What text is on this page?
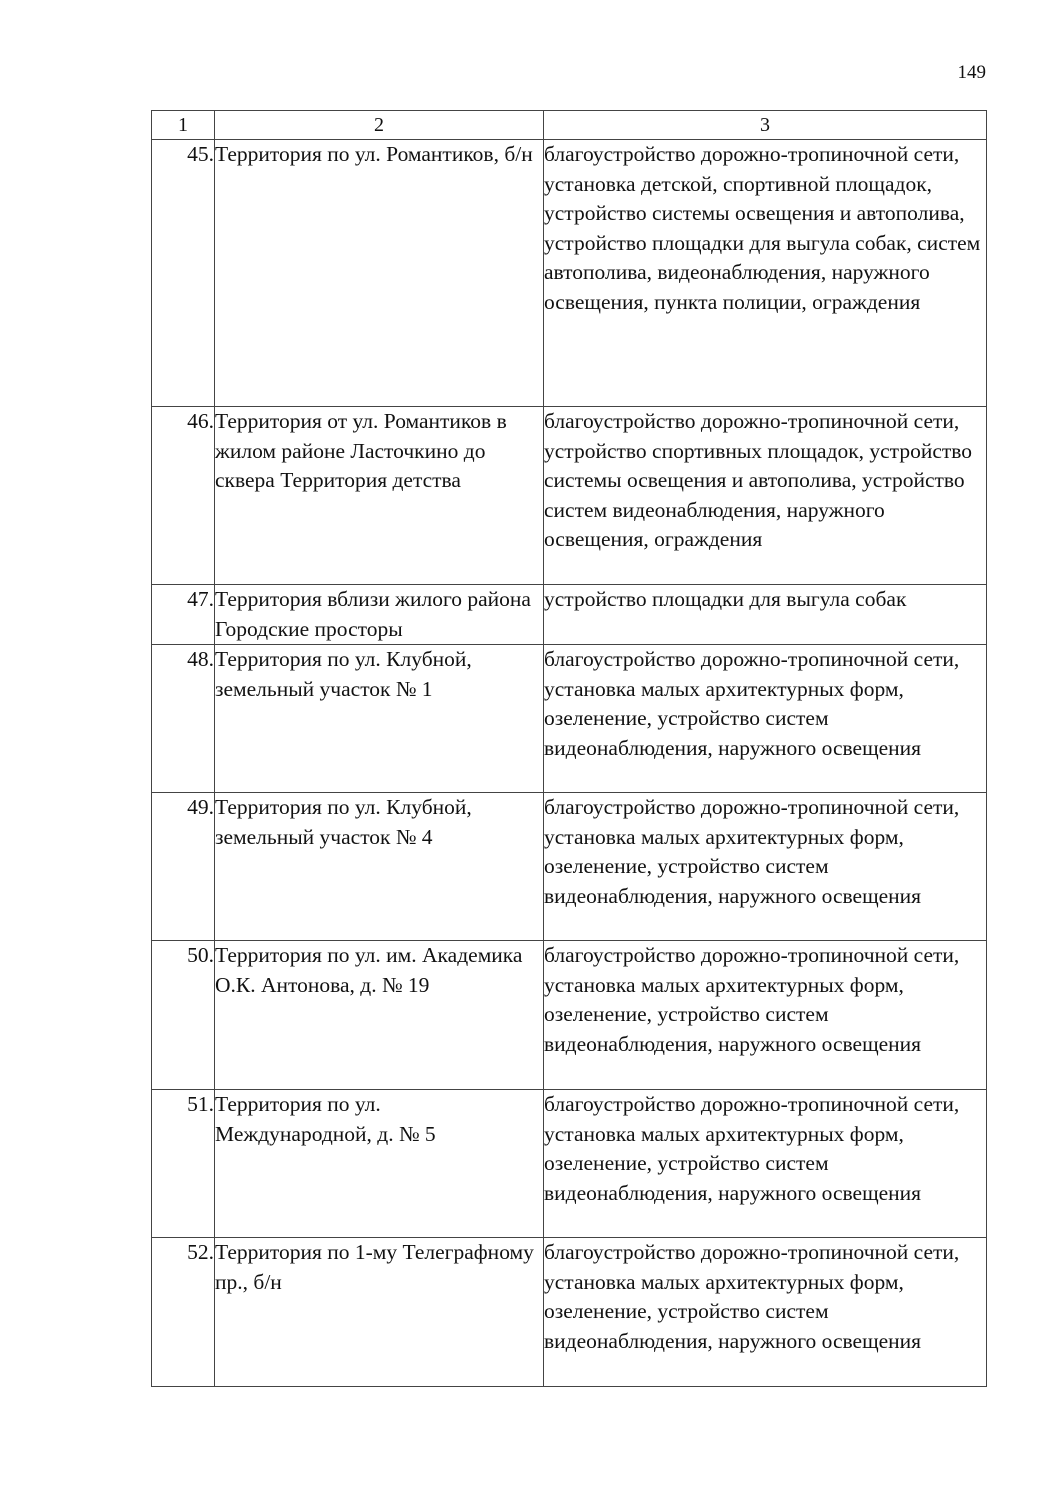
149
1	2	3
45.	Территория по ул. Романтиков, б/н	благоустройство дорожно-тропиночной сети, установка детской, спортивной площадок, устройство системы освещения и автополива, устройство площадки для выгула собак, систем автополива, видеонаблюдения, наружного освещения, пункта полиции, ограждения
46.	Территория от ул. Романтиков в жилом районе Ласточкино до сквера Территория детства	благоустройство дорожно-тропиночной сети, устройство спортивных площадок, устройство системы освещения и автополива, устройство систем видеонаблюдения, наружного освещения, ограждения
47.	Территория вблизи жилого района Городские просторы	устройство площадки для выгула собак
48.	Территория по ул. Клубной, земельный участок № 1	благоустройство дорожно-тропиночной сети, установка малых архитектурных форм, озеленение, устройство систем видеонаблюдения, наружного освещения
49.	Территория по ул. Клубной, земельный участок № 4	благоустройство дорожно-тропиночной сети, установка малых архитектурных форм, озеленение, устройство систем видеонаблюдения, наружного освещения
50.	Территория по ул. им. Академика О.К. Антонова, д. № 19	благоустройство дорожно-тропиночной сети, установка малых архитектурных форм, озеленение, устройство систем видеонаблюдения, наружного освещения
51.	Территория по ул. Международной, д. № 5	благоустройство дорожно-тропиночной сети, установка малых архитектурных форм, озеленение, устройство систем видеонаблюдения, наружного освещения
52.	Территория по 1-му Телеграфному пр., б/н	благоустройство дорожно-тропиночной сети, установка малых архитектурных форм, озеленение, устройство систем видеонаблюдения, наружного освещения
